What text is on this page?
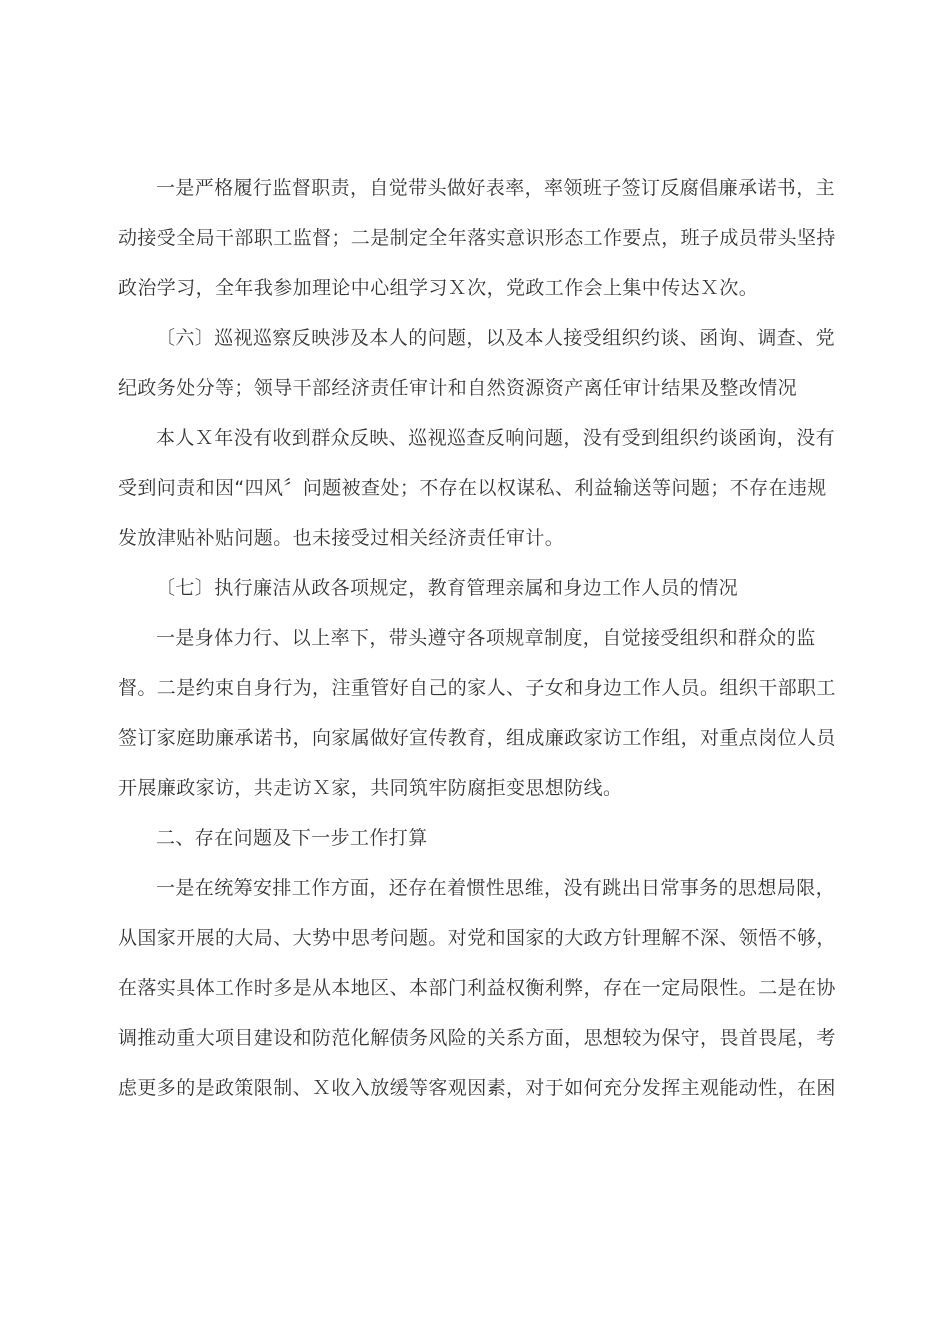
一是严格履行监督职责，自觉带头做好表率，率领班子签订反腐倡廉承诺书，主
动接受全局干部职工监督；二是制定全年落实意识形态工作要点，班子成员带头坚持
政治学习，全年我参加理论中心组学习Ｘ次，党政工作会上集中传达Ｘ次。
〔六〕巡视巡察反映涉及本人的问题，以及本人接受组织约谈、函询、调查、党
纪政务处分等；领导干部经济责任审计和自然资源资产离任审计结果及整改情况
本人Ｘ年没有收到群众反映、巡视巡查反响问题，没有受到组织约谈函询，没有
受到问责和因“四风〞问题被查处；不存在以权谋私、利益输送等问题；不存在违规
发放津贴补贴问题。也未接受过相关经济责任审计。
〔七〕执行廉洁从政各项规定，教育管理亲属和身边工作人员的情况
一是身体力行、以上率下，带头遵守各项规章制度，自觉接受组织和群众的监
督。二是约束自身行为，注重管好自己的家人、子女和身边工作人员。组织干部职工
签订家庭助廉承诺书，向家属做好宣传教育，组成廉政家访工作组，对重点岗位人员
开展廉政家访，共走访Ｘ家，共同筑牢防腐拒变思想防线。
二、存在问题及下一步工作打算
一是在统筹安排工作方面，还存在着惯性思维，没有跳出日常事务的思想局限，
从国家开展的大局、大势中思考问题。对党和国家的大政方针理解不深、领悟不够，
在落实具体工作时多是从本地区、本部门利益权衡利弊，存在一定局限性。二是在协
调推动重大项目建设和防范化解债务风险的关系方面，思想较为保守，畏首畏尾，考
虑更多的是政策限制、Ｘ收入放缓等客观因素，对于如何充分发挥主观能动性，在困
